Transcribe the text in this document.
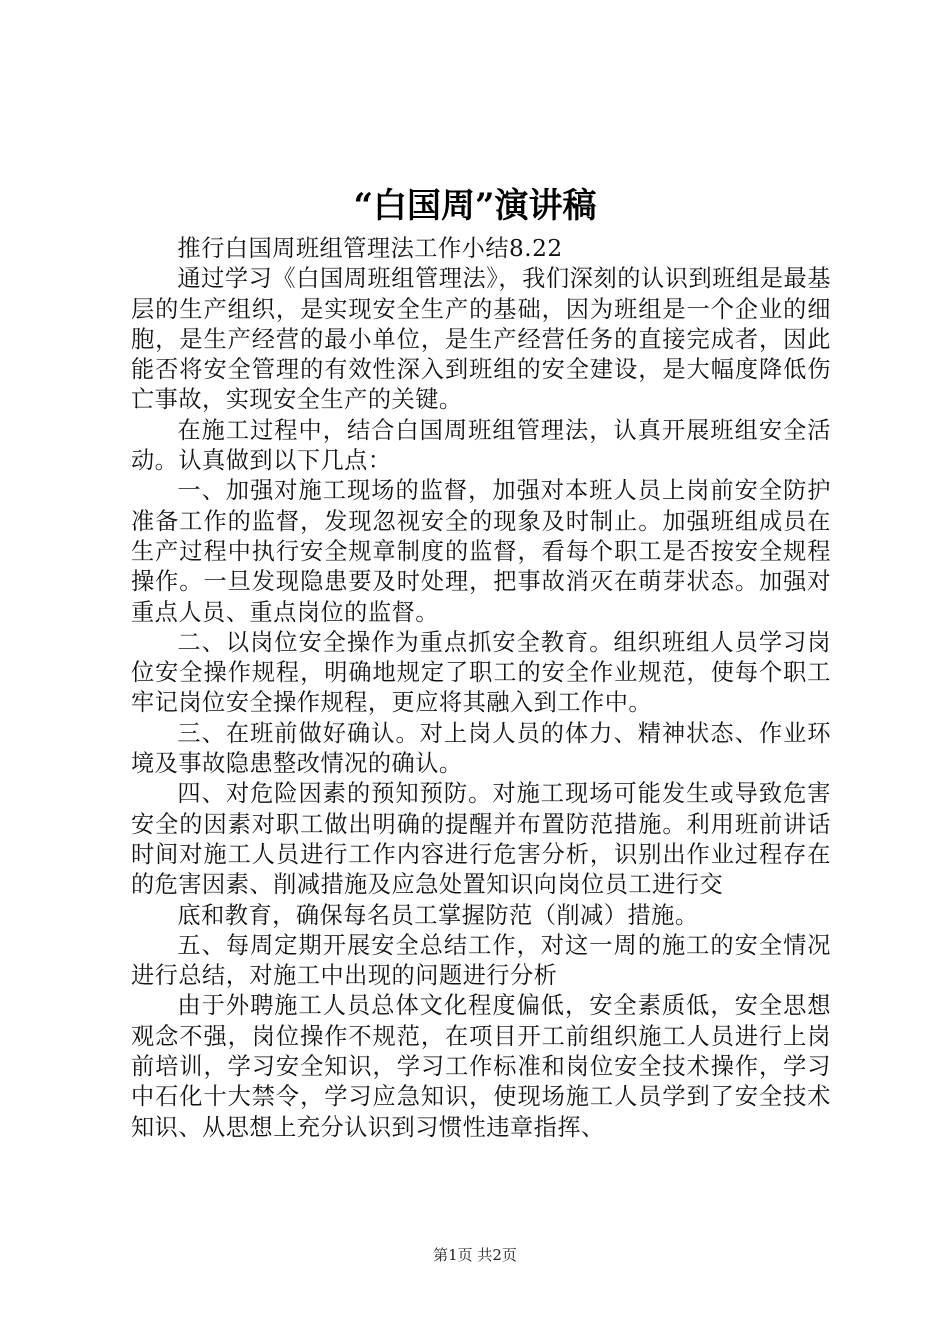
“白国周”演讲稿

推行白国周班组管理法工作小结8.22

通过学习《白国周班组管理法》，我们深刻的认识到班组是最基层的生产组织，是实现安全生产的基础，因为班组是一个企业的细胞，是生产经营的最小单位，是生产经营任务的直接完成者，因此能否将安全管理的有效性深入到班组的安全建设，是大幅度降低伤亡事故，实现安全生产的关键。

在施工过程中，结合白国周班组管理法，认真开展班组安全活动。认真做到以下几点：

一、加强对施工现场的监督，加强对本班人员上岗前安全防护准备工作的监督，发现忽视安全的现象及时制止。加强班组成员在生产过程中执行安全规章制度的监督，看每个职工是否按安全规程操作。一旦发现隐患要及时处理，把事故消灭在萌芽状态。加强对重点人员、重点岗位的监督。

二、以岗位安全操作为重点抓安全教育。组织班组人员学习岗位安全操作规程，明确地规定了职工的安全作业规范，使每个职工牢记岗位安全操作规程，更应将其融入到工作中。

三、在班前做好确认。对上岗人员的体力、精神状态、作业环境及事故隐患整改情况的确认。

四、对危险因素的预知预防。对施工现场可能发生或导致危害安全的因素对职工做出明确的提醒并布置防范措施。利用班前讲话时间对施工人员进行工作内容进行危害分析，识别出作业过程存在的危害因素、削减措施及应急处置知识向岗位员工进行交

底和教育，确保每名员工掌握防范（削减）措施。

五、每周定期开展安全总结工作，对这一周的施工的安全情况进行总结，对施工中出现的问题进行分析

由于外聘施工人员总体文化程度偏低，安全素质低，安全思想观念不强，岗位操作不规范，在项目开工前组织施工人员进行上岗前培训，学习安全知识，学习工作标准和岗位安全技术操作，学习中石化十大禁令，学习应急知识，使现场施工人员学到了安全技术知识、从思想上充分认识到习惯性违章指挥、

第1页 共2页
